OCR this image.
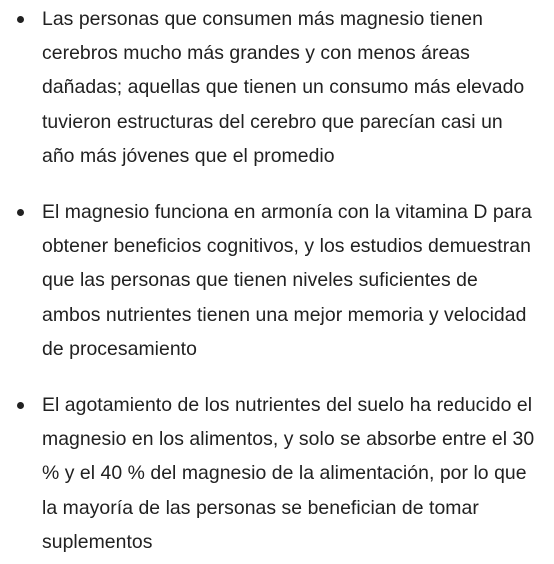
Las personas que consumen más magnesio tienen cerebros mucho más grandes y con menos áreas dañadas; aquellas que tienen un consumo más elevado tuvieron estructuras del cerebro que parecían casi un año más jóvenes que el promedio
El magnesio funciona en armonía con la vitamina D para obtener beneficios cognitivos, y los estudios demuestran que las personas que tienen niveles suficientes de ambos nutrientes tienen una mejor memoria y velocidad de procesamiento
El agotamiento de los nutrientes del suelo ha reducido el magnesio en los alimentos, y solo se absorbe entre el 30 % y el 40 % del magnesio de la alimentación, por lo que la mayoría de las personas se benefician de tomar suplementos
